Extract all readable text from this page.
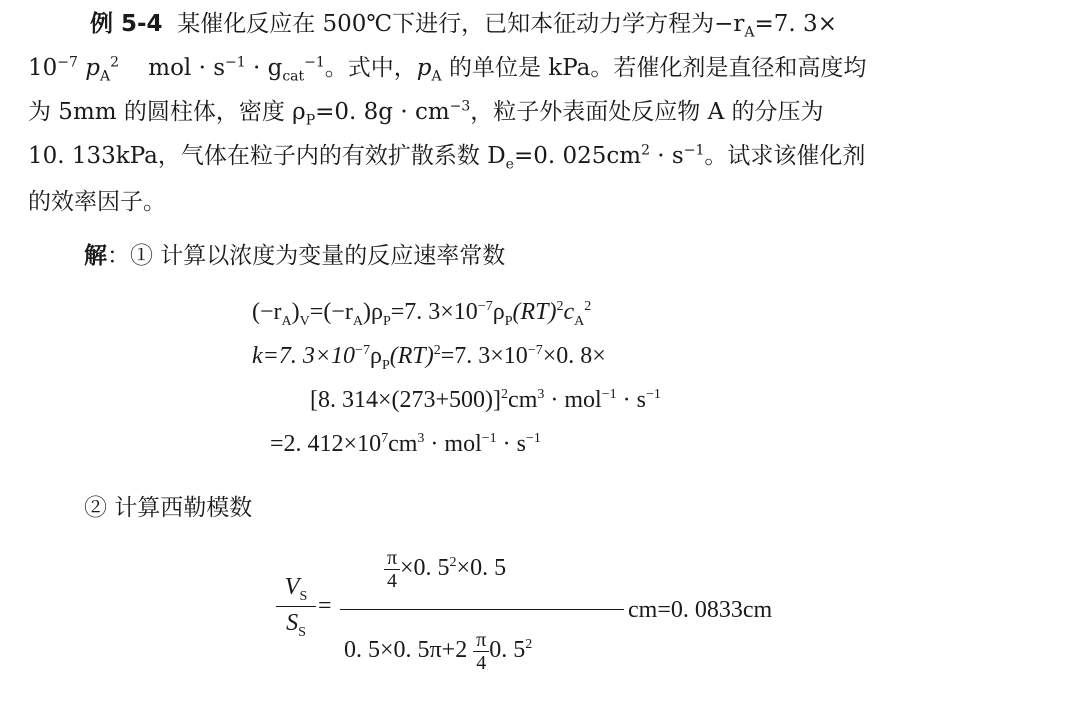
例 5-4 某催化反应在 500℃下进行，已知本征动力学方程为$-r_A=7$. 3×
$10^{-7}$ $p_A^2$ mol · $s^{-1} \cdot g_{cat}^{-1}$。式中，$p_A$ 的单位是 kPa。若催化剂是直径和高度均
为 5mm 的圆柱体，密度 $\rho_P=0$. $8g \cdot cm^{-3}$，粒子外表面处反应物 A 的分压为
10. 133kPa，气体在粒子内的有效扩散系数 $D_e=0$. $025cm^2 \cdot s^{-1}$。试求该催化剂
的效率因子。
解：① 计算以浓度为变量的反应速率常数
$(-r_A)_V=(-r_A)\rho_P=7$. $3\times 10^{-7}\rho_P(RT)^2c_A^2$
k=7. $3\times 10^{-7}\rho_P(RT)^2=7$. $3\times 10^{-7}\times 0$. 8×
[8. $314\times(273+500)]^2cm^3 \cdot mol^{-1} \cdot s^{-1}$
=2. $412\times 10^7cm^3 \cdot mol^{-1} \cdot s^{-1}$
② 计算西勒模数
$V_S$
$S_S$
=
$\frac{\pi}{4}\times 0$. $5^2\times 0$. 5
0. 5×0. $5\pi+2 \frac{\pi}{4}0$. $5^2$
cm=0. 0833cm
